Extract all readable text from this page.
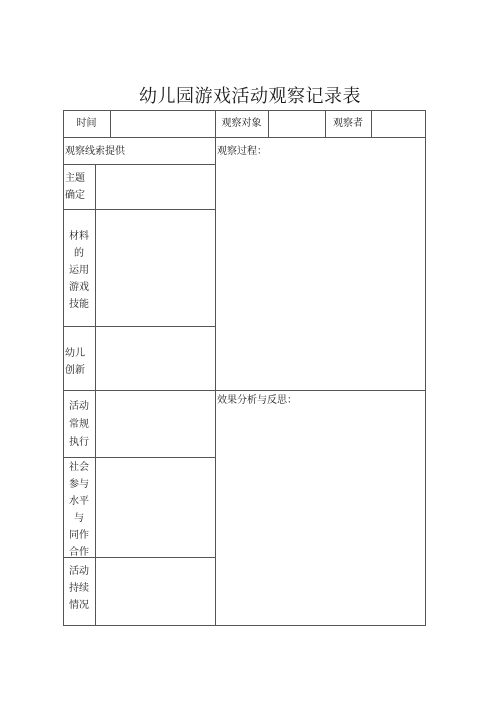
幼儿园游戏活动观察记录表
时间	观察对象	观察者
观察线索提供
主题
确定
材料
的
运用
游戏
技能
幼儿
创新
活动
常规
执行
社会
参与
水平
与
同作
合作
活动
持续
情况
观察过程：
效果分析与反思：
